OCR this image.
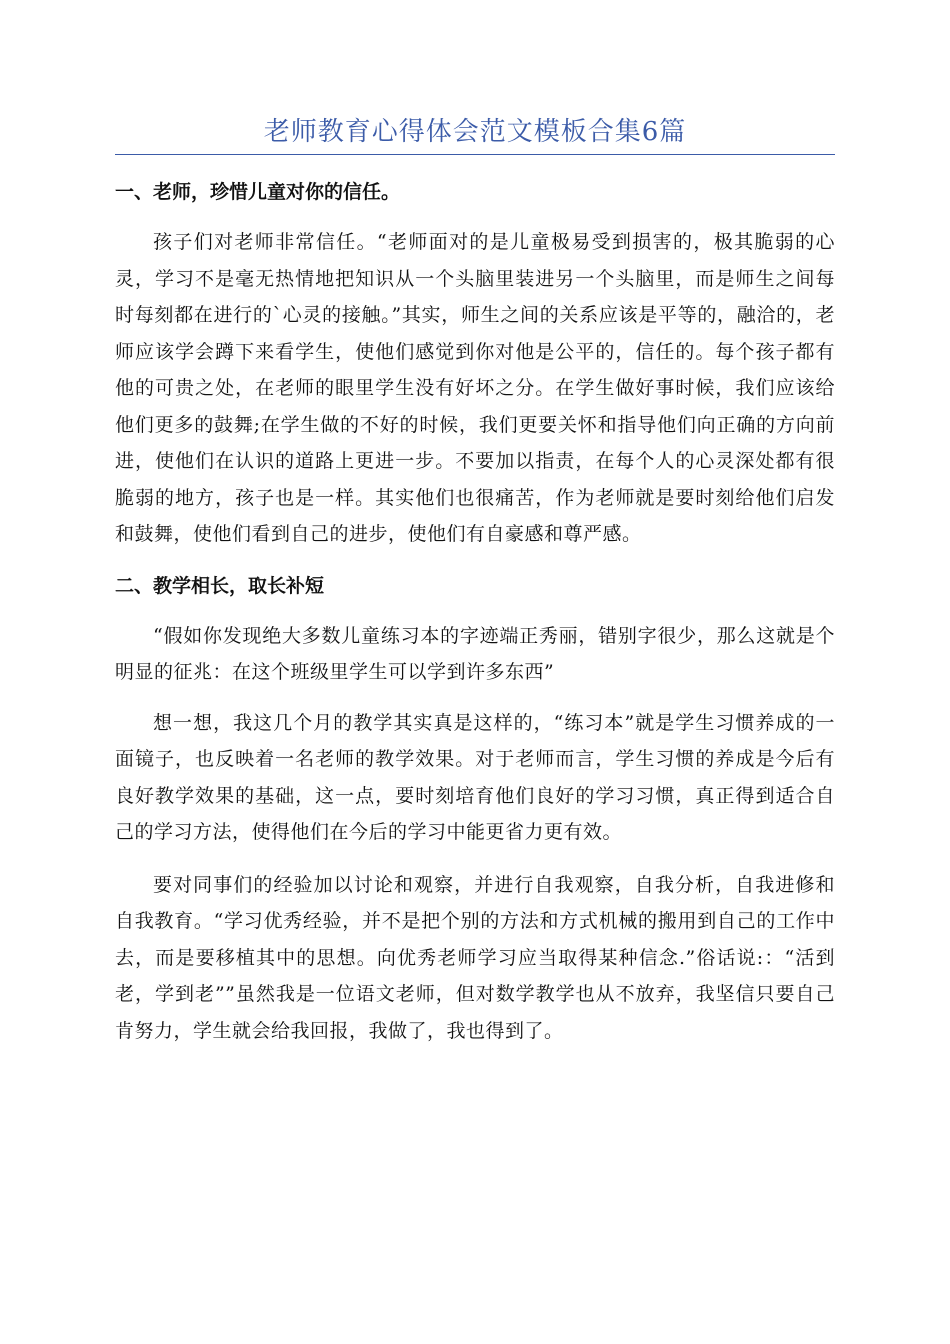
老师教育心得体会范文模板合集6篇
一、老师，珍惜儿童对你的信任。

孩子们对老师非常信任。“老师面对的是儿童极易受到损害的，极其脆弱的心灵，学习不是毫无热情地把知识从一个头脑里装进另一个头脑里，而是师生之间每时每刻都在进行的`心灵的接触。”其实，师生之间的关系应该是平等的，融洽的，老师应该学会蹲下来看学生，使他们感觉到你对他是公平的，信任的。每个孩子都有他的可贵之处，在老师的眼里学生没有好坏之分。在学生做好事时候，我们应该给他们更多的鼓舞;在学生做的不好的时候，我们更要关怀和指导他们向正确的方向前进，使他们在认识的道路上更进一步。不要加以指责，在每个人的心灵深处都有很脆弱的地方，孩子也是一样。其实他们也很痛苦，作为老师就是要时刻给他们启发和鼓舞，使他们看到自己的进步，使他们有自豪感和尊严感。

二、教学相长，取长补短

“假如你发现绝大多数儿童练习本的字迹端正秀丽，错别字很少，那么这就是个明显的征兆：在这个班级里学生可以学到许多东西”

想一想，我这几个月的教学其实真是这样的，“练习本”就是学生习惯养成的一面镜子，也反映着一名老师的教学效果。对于老师而言，学生习惯的养成是今后有良好教学效果的基础，这一点，要时刻培育他们良好的学习习惯，真正得到适合自己的学习方法，使得他们在今后的学习中能更省力更有效。

要对同事们的经验加以讨论和观察，并进行自我观察，自我分析，自我进修和自我教育。“学习优秀经验，并不是把个别的方法和方式机械的搬用到自己的工作中去，而是要移植其中的思想。向优秀老师学习应当取得某种信念.”俗话说:：“活到老，学到老””虽然我是一位语文老师，但对数学教学也从不放弃，我坚信只要自己肯努力，学生就会给我回报，我做了，我也得到了。
